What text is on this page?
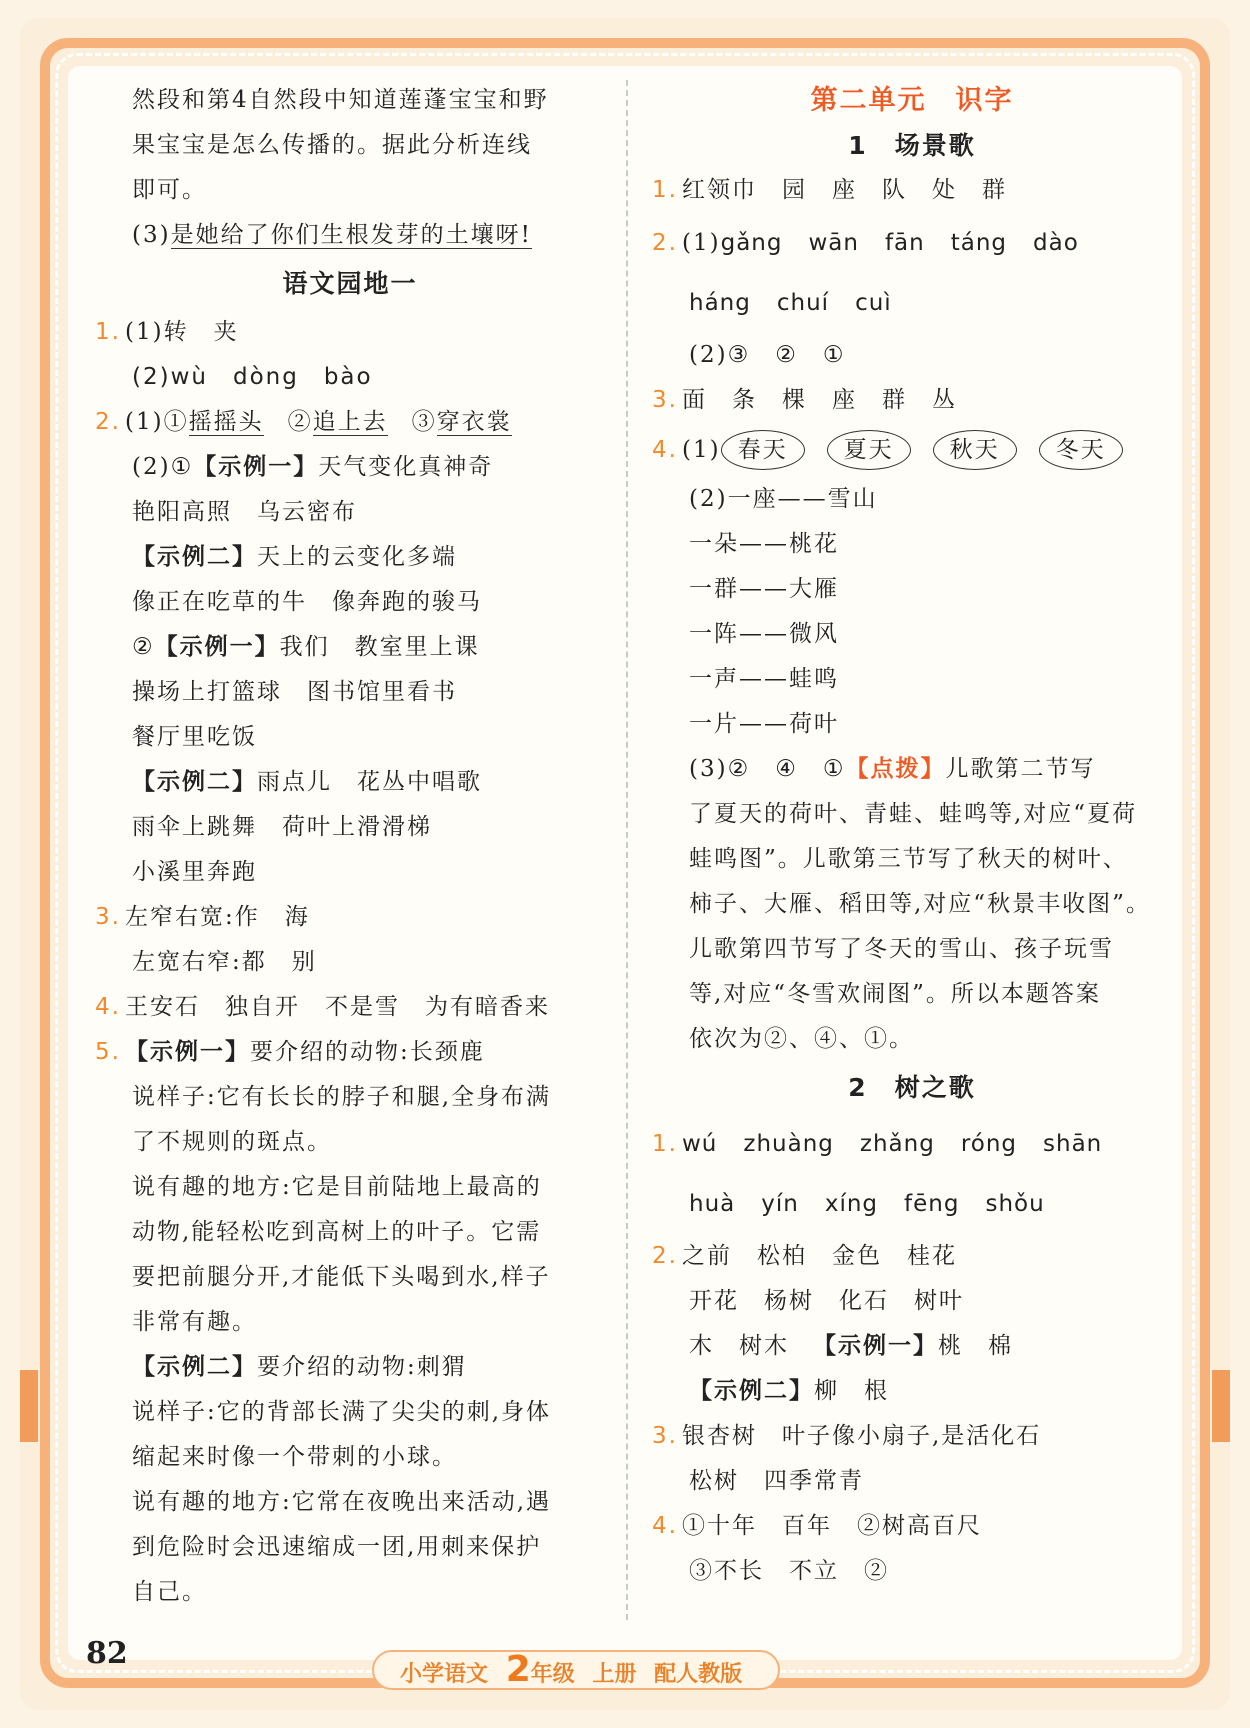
然段和第4自然段中知道莲蓬宝宝和野
果宝宝是怎么传播的。据此分析连线
即可。
(3)是她给了你们生根发芽的土壤呀!
语文园地一
1. (1)转　夹
(2)wù　dòng　bào
2. (1)①摇摇头 ②追上去 ③穿衣裳
(2)①【示例一】天气变化真神奇
艳阳高照　乌云密布
【示例二】天上的云变化多端
像正在吃草的牛　像奔跑的骏马
②【示例一】我们　教室里上课
操场上打篮球　图书馆里看书
餐厅里吃饭
【示例二】雨点儿　花丛中唱歌
雨伞上跳舞　荷叶上滑滑梯
小溪里奔跑
3. 左窄右宽:作　海
左宽右窄:都　别
4. 王安石　独自开　不是雪　为有暗香来
5. 【示例一】要介绍的动物:长颈鹿
说样子:它有长长的脖子和腿,全身布满
了不规则的斑点。
说有趣的地方:它是目前陆地上最高的
动物,能轻松吃到高树上的叶子。它需
要把前腿分开,才能低下头喝到水,样子
非常有趣。
【示例二】要介绍的动物:刺猬
说样子:它的背部长满了尖尖的刺,身体
缩起来时像一个带刺的小球。
说有趣的地方:它常在夜晚出来活动,遇
到危险时会迅速缩成一团,用刺来保护
自己。
第二单元　识字
1　场景歌
1. 红领巾　园　座　队　处　群
2. (1)gǎng wān fān táng dào
háng chuí cuì
(2)③　②　①
3. 面　条　棵　座　群　丛
4. (1) 春天 夏天 秋天 冬天
(2)一座——雪山
一朵——桃花
一群——大雁
一阵——微风
一声——蛙鸣
一片——荷叶
(3)②　④　①【点拨】儿歌第二节写
了夏天的荷叶、青蛙、蛙鸣等,对应“夏荷
蛙鸣图”。儿歌第三节写了秋天的树叶、
柿子、大雁、稻田等,对应“秋景丰收图”。
儿歌第四节写了冬天的雪山、孩子玩雪
等,对应“冬雪欢闹图”。所以本题答案
依次为②、④、①。
2　树之歌
1. wú zhuàng zhǎng róng shān
huà yín xíng fēng shǒu
2. 之前　松柏　金色　桂花
开花　杨树　化石　树叶
木　树木 【示例一】桃　棉
【示例二】柳　根
3. 银杏树　叶子像小扇子,是活化石
松树　四季常青
4. ①十年　百年　②树高百尺
③不长　不立　②
82
小学语文 2年级 上册 配人教版
